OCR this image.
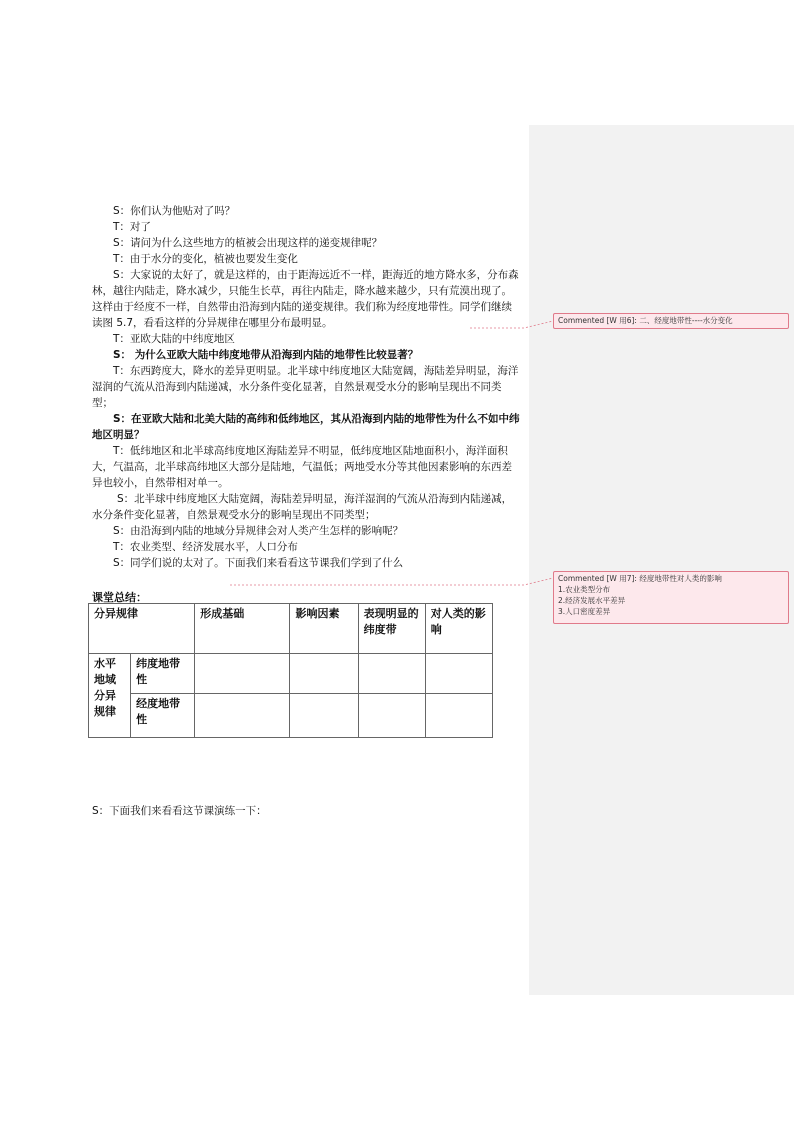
S：你们认为他贴对了吗？

T：对了

S：请问为什么这些地方的植被会出现这样的递变规律呢？

T：由于水分的变化，植被也要发生变化

S：大家说的太好了，就是这样的，由于距海远近不一样，距海近的地方降水多，分布森林，越往内陆走，降水减少，只能生长草，再往内陆走，降水越来越少，只有荒漠出现了。这样由于经度不一样，自然带由沿海到内陆的递变规律。我们称为经度地带性。同学们继续读图 5.7，看看这样的分异规律在哪里分布最明显。

T：亚欧大陆的中纬度地区

S： 为什么亚欧大陆中纬度地带从沿海到内陆的地带性比较显著？

T：东西跨度大，降水的差异更明显。北半球中纬度地区大陆宽阔，海陆差异明显，海洋湿润的气流从沿海到内陆递减，水分条件变化显著，自然景观受水分的影响呈现出不同类型；

S：在亚欧大陆和北美大陆的高纬和低纬地区，其从沿海到内陆的地带性为什么不如中纬地区明显？

T：低纬地区和北半球高纬度地区海陆差异不明显，低纬度地区陆地面积小，海洋面积大，气温高，北半球高纬地区大部分是陆地，气温低；两地受水分等其他因素影响的东西差异也较小，自然带相对单一。

S：北半球中纬度地区大陆宽阔，海陆差异明显，海洋湿润的气流从沿海到内陆递减，水分条件变化显著，自然景观受水分的影响呈现出不同类型；

S：由沿海到内陆的地域分异规律会对人类产生怎样的影响呢？

T：农业类型、经济发展水平，人口分布

S：同学们说的太对了。下面我们来看看这节课我们学到了什么

课堂总结：
分异规律		形成基础	影响因素	表现明显的纬度带	对人类的影响
水平地域分异规律	纬度地带性				
	经度地带性				
S：下面我们来看看这节课演练一下：
Commented [W 用6]: 二、经度地带性----水分变化
Commented [W 用7]: 经度地带性对人类的影响
1.农业类型分布
2.经济发展水平差异
3.人口密度差异
